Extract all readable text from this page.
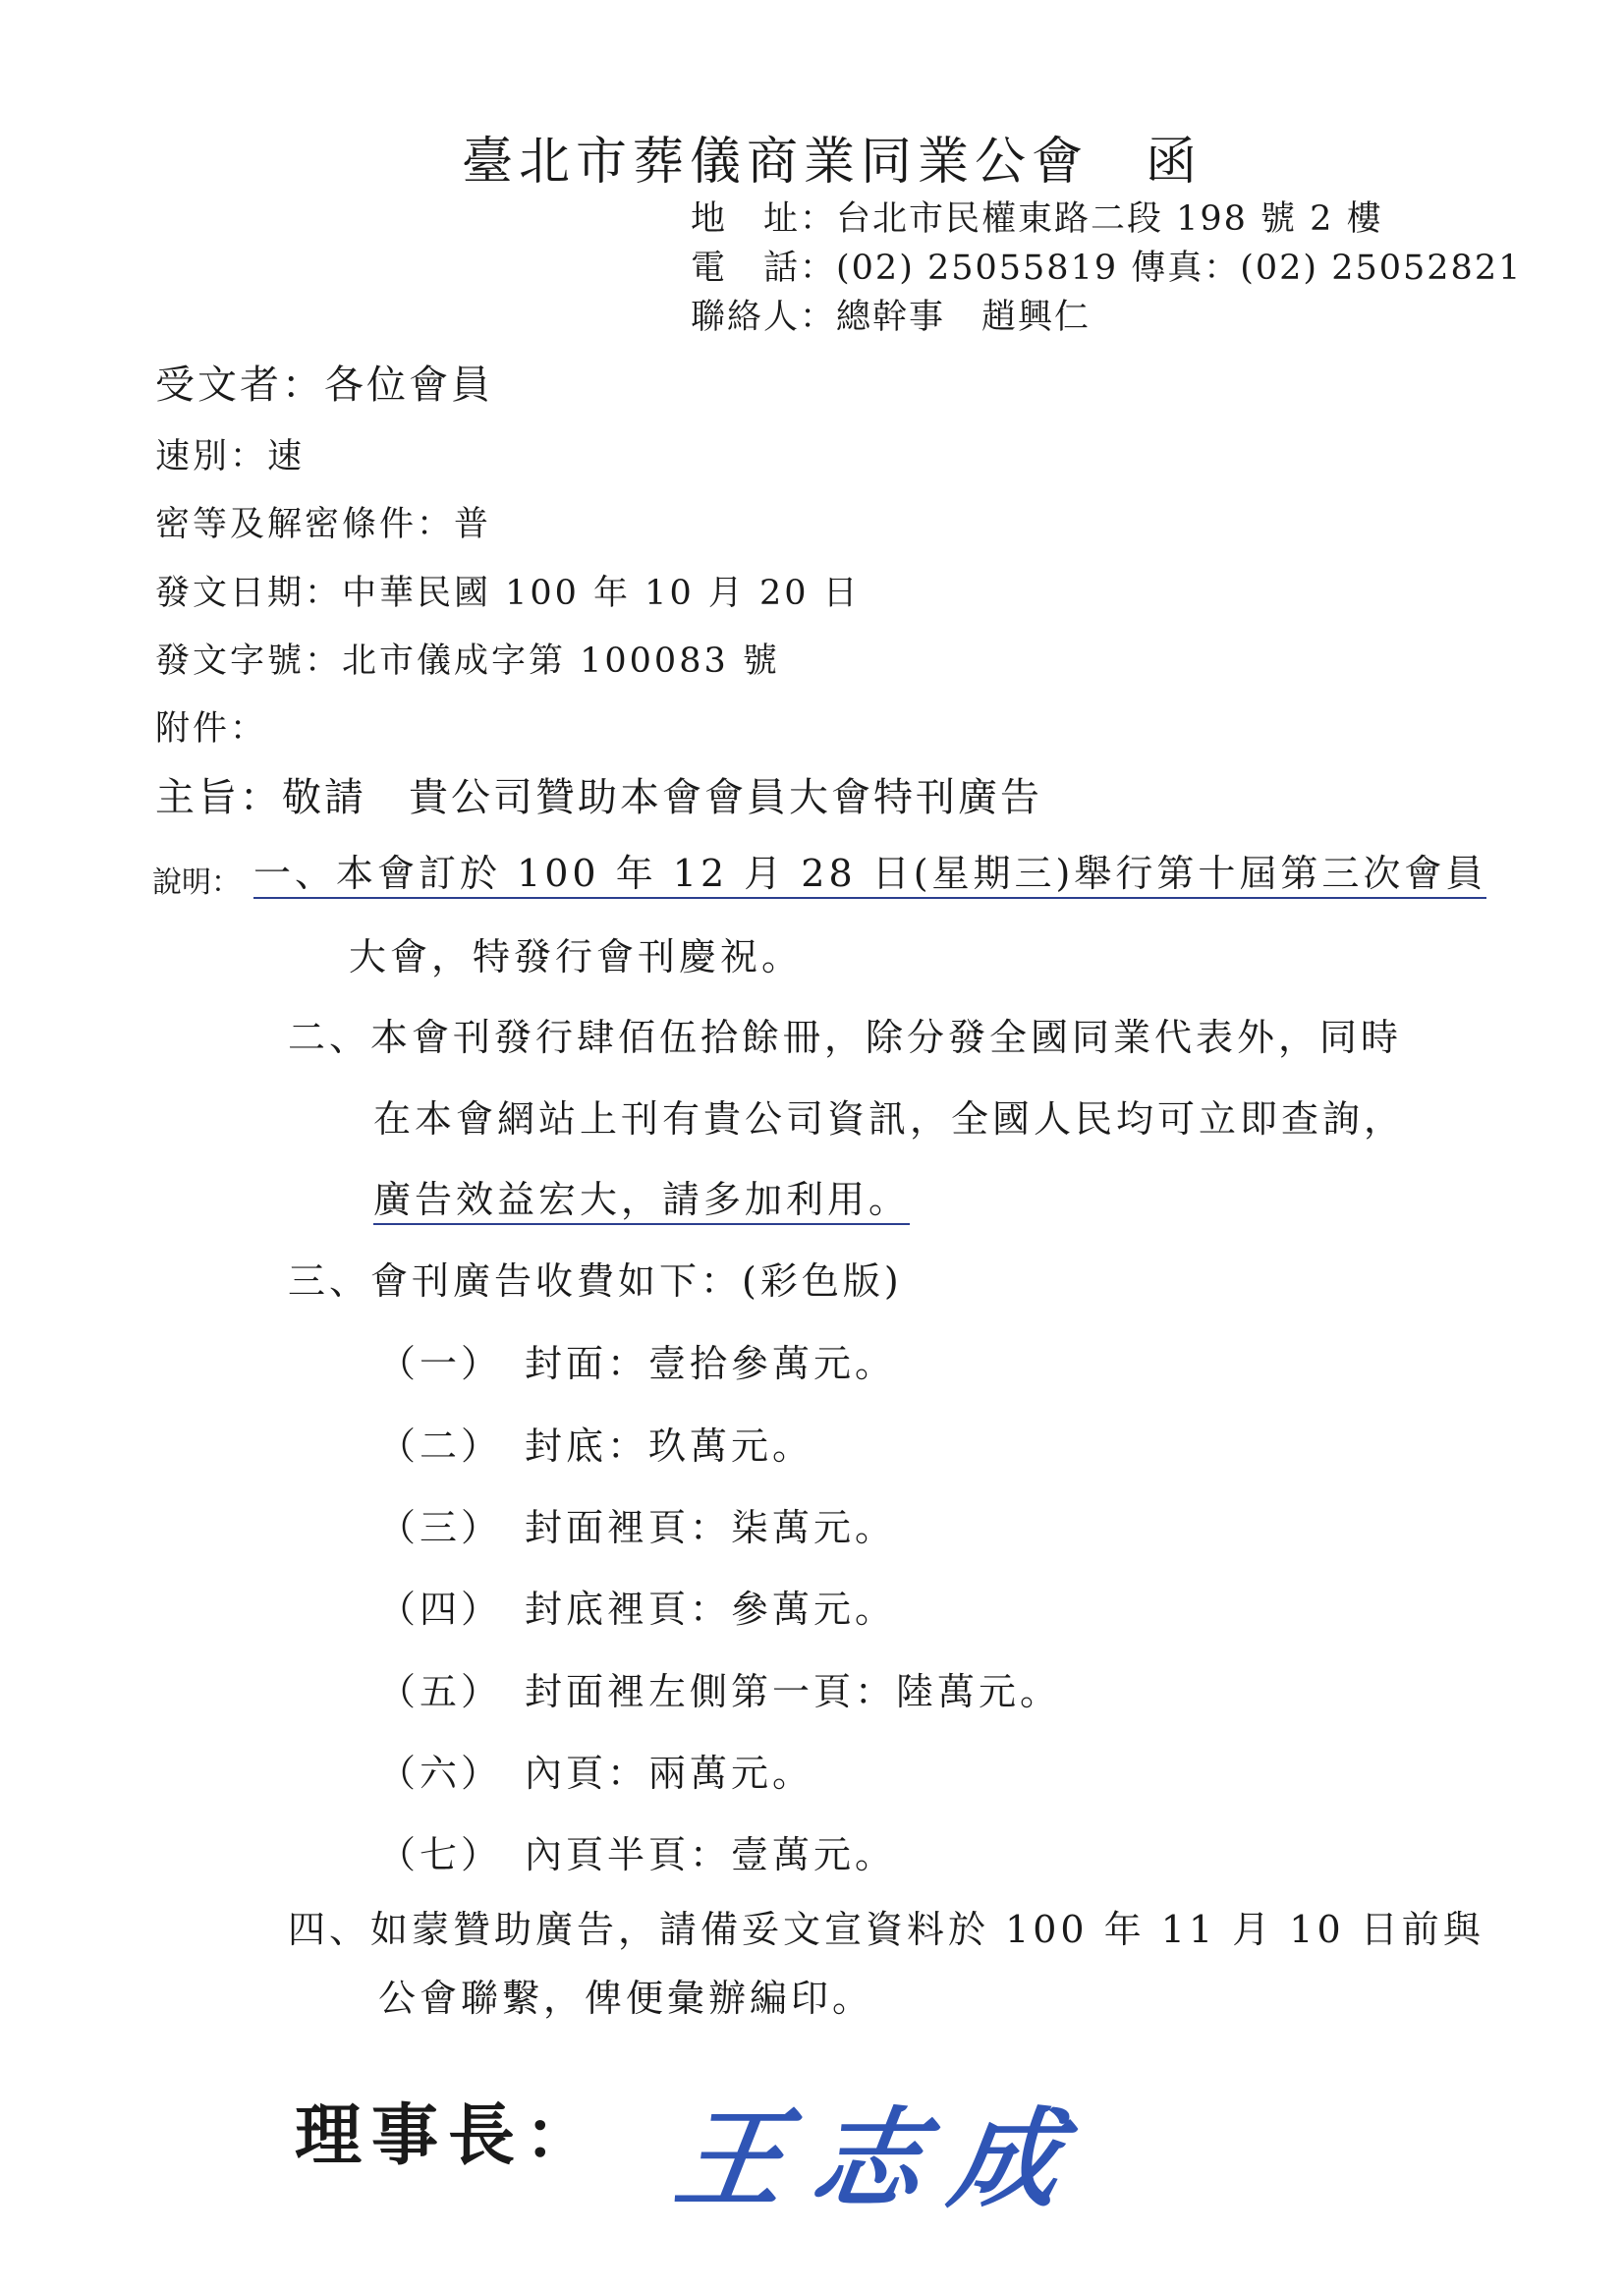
臺北市葬儀商業同業公會　函
地　址：台北市民權東路二段 198 號 2 樓
電　話：(02) 25055819 傳真：(02) 25052821
聯絡人：總幹事　趙興仁
受文者：各位會員
速別：速
密等及解密條件：普
發文日期：中華民國 100 年 10 月 20 日
發文字號：北市儀成字第 100083 號
附件：
主旨：敬請　貴公司贊助本會會員大會特刊廣告
說明： 一、本會訂於 100 年 12 月 28 日(星期三)舉行第十屆第三次會員
大會，特發行會刊慶祝。
二、本會刊發行肆佰伍拾餘冊，除分發全國同業代表外，同時
在本會網站上刊有貴公司資訊，全國人民均可立即查詢，
廣告效益宏大，請多加利用。
三、會刊廣告收費如下：(彩色版)
（一）　封面：壹拾參萬元。
（二）　封底：玖萬元。
（三）　封面裡頁：柒萬元。
（四）　封底裡頁：參萬元。
（五）　封面裡左側第一頁：陸萬元。
（六）　內頁：兩萬元。
（七）　內頁半頁：壹萬元。
四、如蒙贊助廣告，請備妥文宣資料於 100 年 11 月 10 日前與
公會聯繫，俾便彙辦編印。
理事長： 王志成
